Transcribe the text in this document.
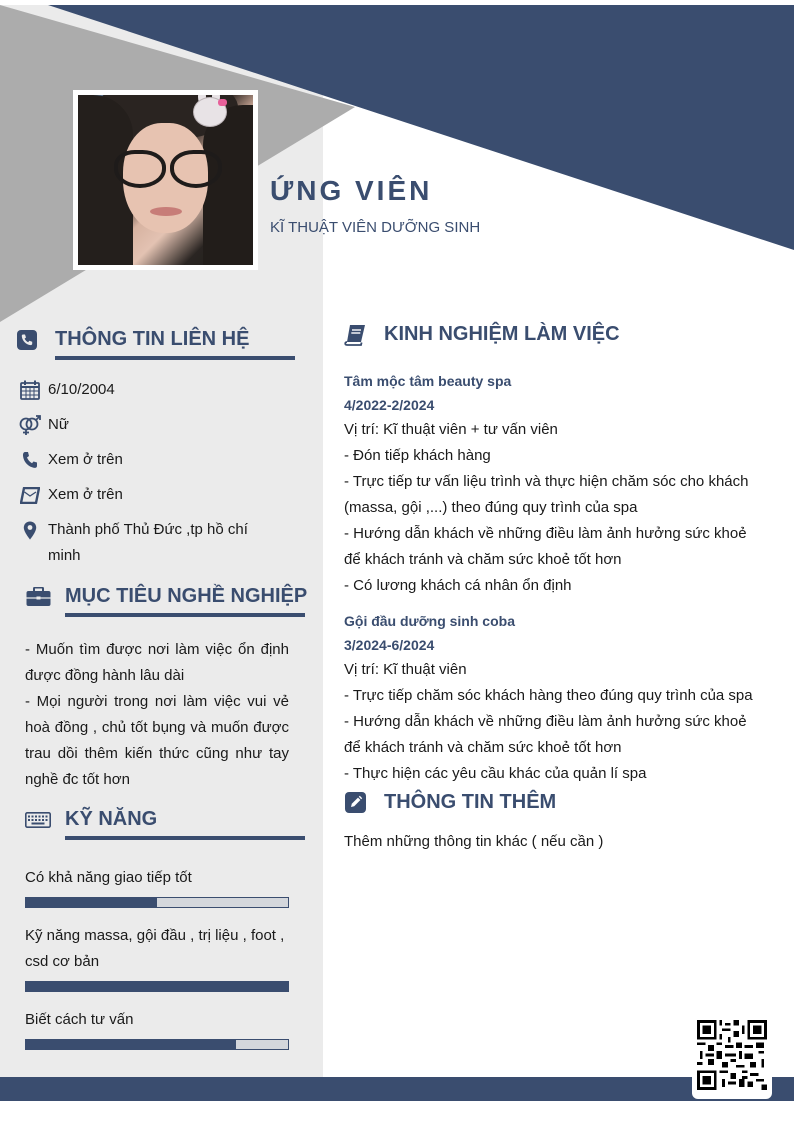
ỨNG VIÊN
KĨ THUẬT VIÊN DƯỠNG SINH
THÔNG TIN LIÊN HỆ
6/10/2004
Nữ
Xem ở trên
Xem ở trên
Thành phố Thủ Đức ,tp hồ chí minh
MỤC TIÊU NGHỀ NGHIỆP

- Muốn tìm được nơi làm việc ổn định được đồng hành lâu dài

- Mọi người trong nơi làm việc vui vẻ hoà đồng , chủ tốt bụng và muốn được trau dồi thêm kiến thức cũng như tay nghề đc tốt hơn

KỸ NĂNG
Có khả năng giao tiếp tốt
Kỹ năng massa, gội đầu , trị liệu , foot , csd cơ bản
Biết cách tư vấn
KINH NGHIỆM LÀM VIỆC
Tâm mộc tâm beauty spa
4/2022-2/2024
Vị trí: Kĩ thuật viên + tư vấn viên
- Đón tiếp khách hàng
- Trực tiếp tư vấn liệu trình và thực hiện chăm sóc cho khách (massa, gội ,...) theo đúng quy trình của spa
- Hướng dẫn khách về những điều làm ảnh hưởng sức khoẻ để khách tránh và chăm sức khoẻ tốt hơn
- Có lương khách cá nhân ổn định
Gội đầu dưỡng sinh coba
3/2024-6/2024
Vị trí: Kĩ thuật viên
- Trực tiếp chăm sóc khách hàng theo đúng quy trình của spa
- Hướng dẫn khách về những điều làm ảnh hưởng sức khoẻ để khách tránh và chăm sức khoẻ tốt hơn
- Thực hiện các yêu cầu khác của quản lí spa
THÔNG TIN THÊM
Thêm những thông tin khác ( nếu cần )
